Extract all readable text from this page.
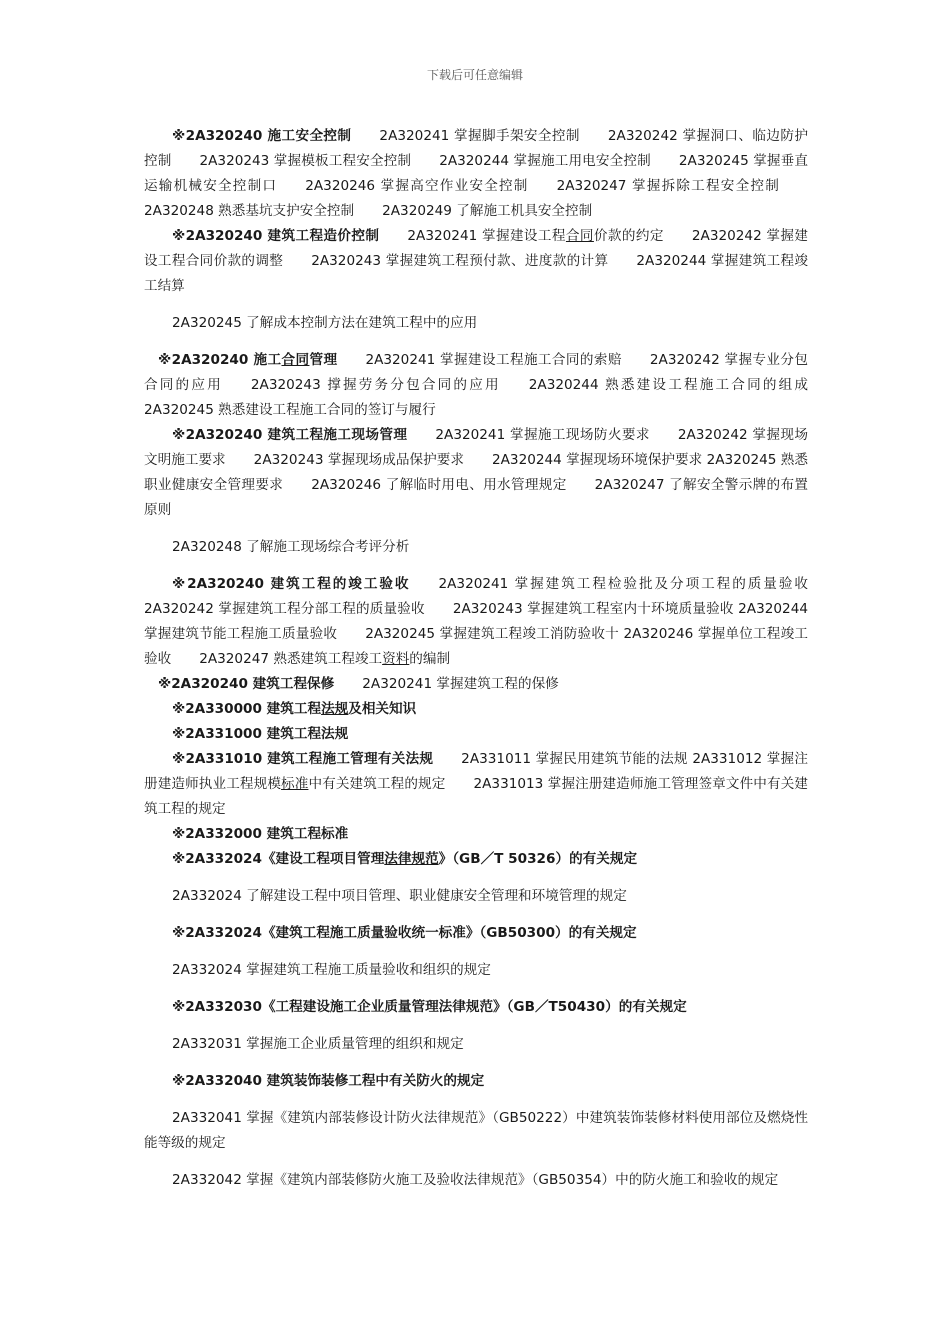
下载后可任意编辑

※2A320240 施工安全控制 2A320241 掌握脚手架安全控制 2A320242 掌握洞口、临边防护控制 2A320243 掌握模板工程安全控制 2A320244 掌握施工用电安全控制 2A320245 掌握垂直运输机械安全控制口 2A320246 掌握高空作业安全控制 2A320247 掌握拆除工程安全控制2A320248 熟悉基坑支护安全控制 2A320249 了解施工机具安全控制

※2A320240 建筑工程造价控制 2A320241 掌握建设工程合同价款的约定 2A320242 掌握建设工程合同价款的调整 2A320243 掌握建筑工程预付款、进度款的计算 2A320244 掌握建筑工程竣工结算

2A320245 了解成本控制方法在建筑工程中的应用

※2A320240 施工合同管理 2A320241 掌握建设工程施工合同的索赔 2A320242 掌握专业分包合同的应用 2A320243 撑握劳务分包合同的应用 2A320244 熟悉建设工程施工合同的组成 2A320245 熟悉建设工程施工合同的签订与履行

※2A320240 建筑工程施工现场管理 2A320241 掌握施工现场防火要求 2A320242 掌握现场文明施工要求 2A320243 掌握现场成品保护要求 2A320244 掌握现场环境保护要求 2A320245 熟悉职业健康安全管理要求 2A320246 了解临时用电、用水管理规定 2A320247 了解安全警示牌的布置原则

2A320248 了解施工现场综合考评分析

※2A320240 建筑工程的竣工验收 2A320241 掌握建筑工程检验批及分项工程的质量验收 2A320242 掌握建筑工程分部工程的质量验收 2A320243 掌握建筑工程室内十环境质量验收 2A320244 掌握建筑节能工程施工质量验收 2A320245 掌握建筑工程竣工消防验收十 2A320246 掌握单位工程竣工验收 2A320247 熟悉建筑工程竣工资料的编制

※2A320240 建筑工程保修 2A320241 掌握建筑工程的保修

※2A330000 建筑工程法规及相关知识

※2A331000 建筑工程法规

※2A331010 建筑工程施工管理有关法规 2A331011 掌握民用建筑节能的法规 2A331012 掌握注册建造师执业工程规模标准中有关建筑工程的规定 2A331013 掌握注册建造师施工管理签章文件中有关建筑工程的规定

※2A332000 建筑工程标准

※2A332024《建设工程项目管理法律规范》（GB／T 50326）的有关规定

2A332024 了解建设工程中项目管理、职业健康安全管理和环境管理的规定

※2A332024《建筑工程施工质量验收统一标准》（GB50300）的有关规定

2A332024 掌握建筑工程施工质量验收和组织的规定

※2A332030《工程建设施工企业质量管理法律规范》（GB／T50430）的有关规定

2A332031 掌握施工企业质量管理的组织和规定

※2A332040 建筑装饰装修工程中有关防火的规定

2A332041 掌握《建筑内部装修设计防火法律规范》（GB50222）中建筑装饰装修材料使用部位及燃烧性能等级的规定

2A332042 掌握《建筑内部装修防火施工及验收法律规范》（GB50354）中的防火施工和验收的规定
